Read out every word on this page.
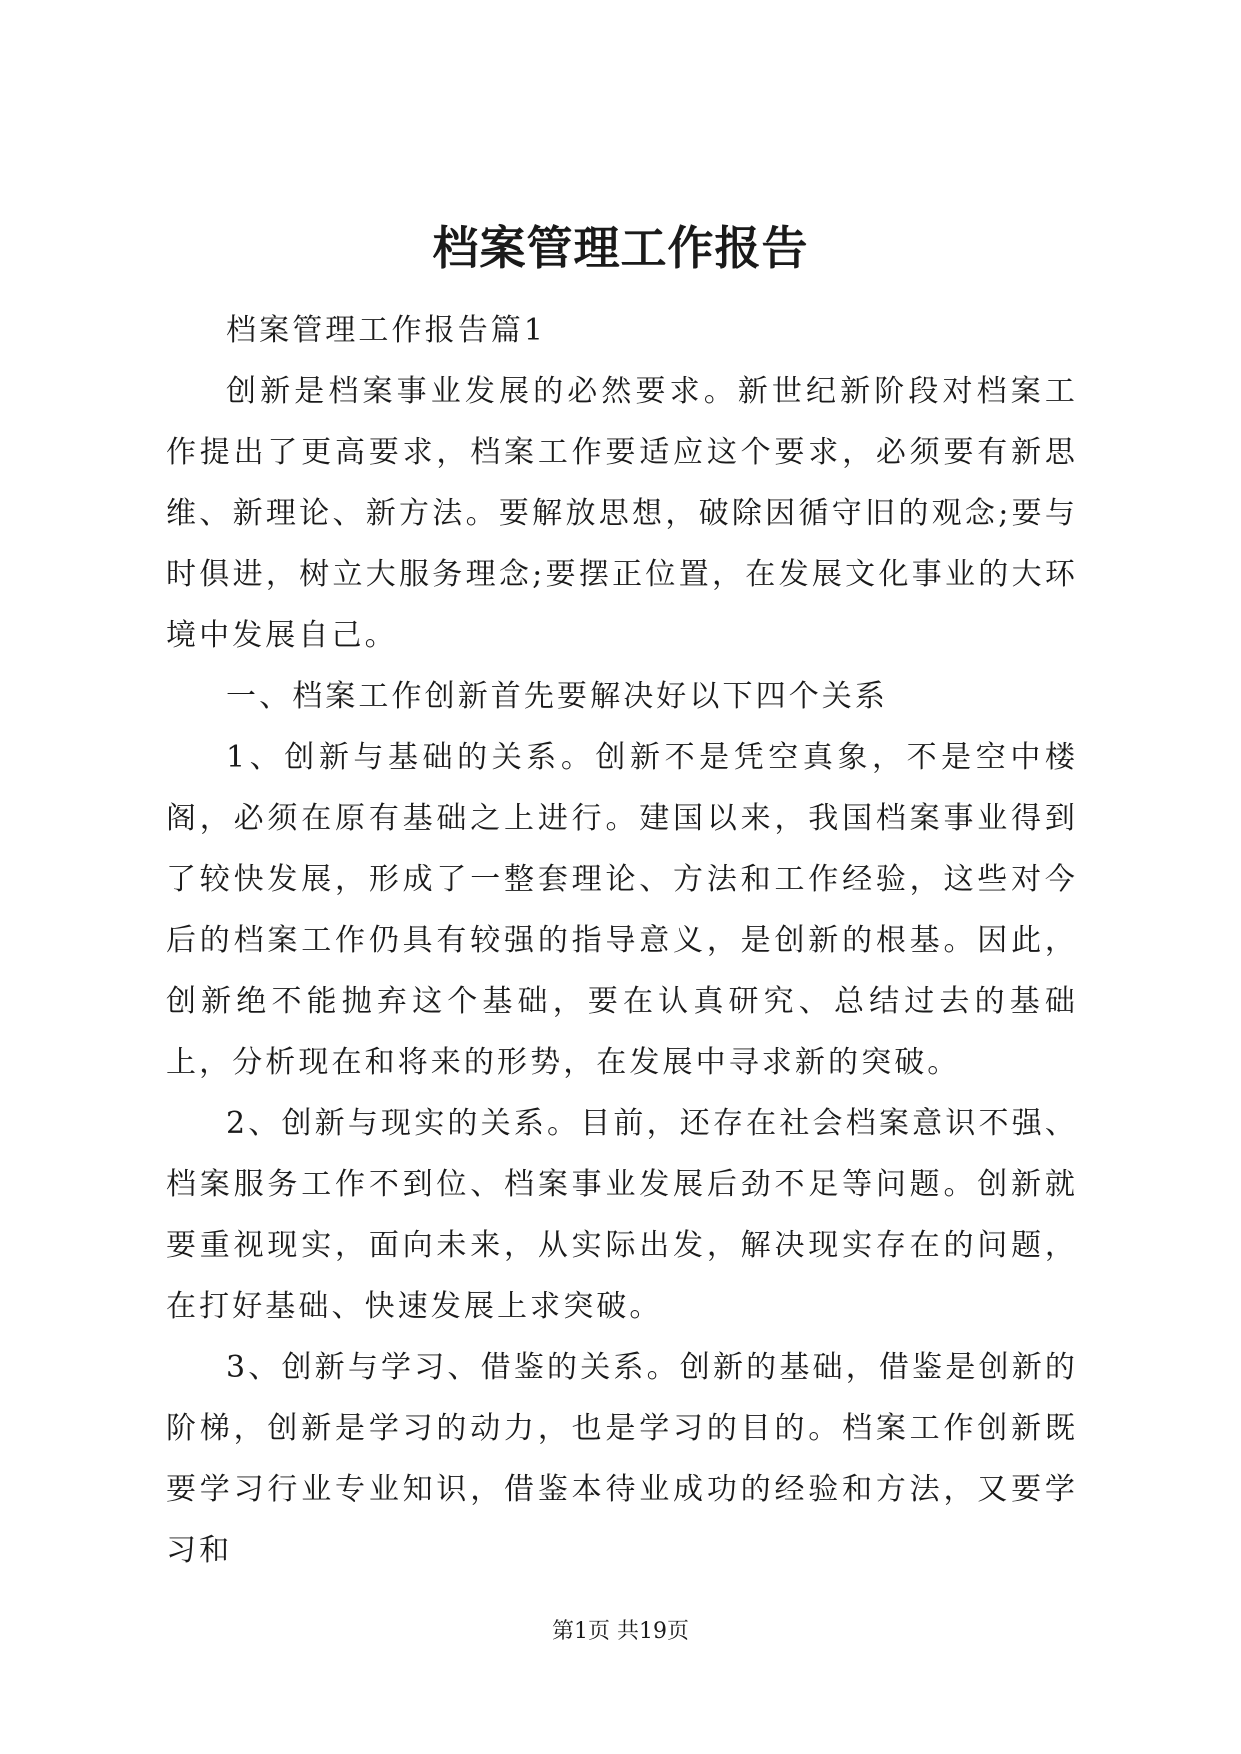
档案管理工作报告

档案管理工作报告篇1

创新是档案事业发展的必然要求。新世纪新阶段对档案工作提出了更高要求，档案工作要适应这个要求，必须要有新思维、新理论、新方法。要解放思想，破除因循守旧的观念;要与时俱进，树立大服务理念;要摆正位置，在发展文化事业的大环境中发展自己。

一、档案工作创新首先要解决好以下四个关系

1、创新与基础的关系。创新不是凭空真象，不是空中楼阁，必须在原有基础之上进行。建国以来，我国档案事业得到了较快发展，形成了一整套理论、方法和工作经验，这些对今后的档案工作仍具有较强的指导意义，是创新的根基。因此，创新绝不能抛弃这个基础，要在认真研究、总结过去的基础上，分析现在和将来的形势，在发展中寻求新的突破。

2、创新与现实的关系。目前，还存在社会档案意识不强、档案服务工作不到位、档案事业发展后劲不足等问题。创新就要重视现实，面向未来，从实际出发，解决现实存在的问题，在打好基础、快速发展上求突破。

3、创新与学习、借鉴的关系。创新的基础，借鉴是创新的阶梯，创新是学习的动力，也是学习的目的。档案工作创新既要学习行业专业知识，借鉴本待业成功的经验和方法，又要学习和

第1页 共19页
